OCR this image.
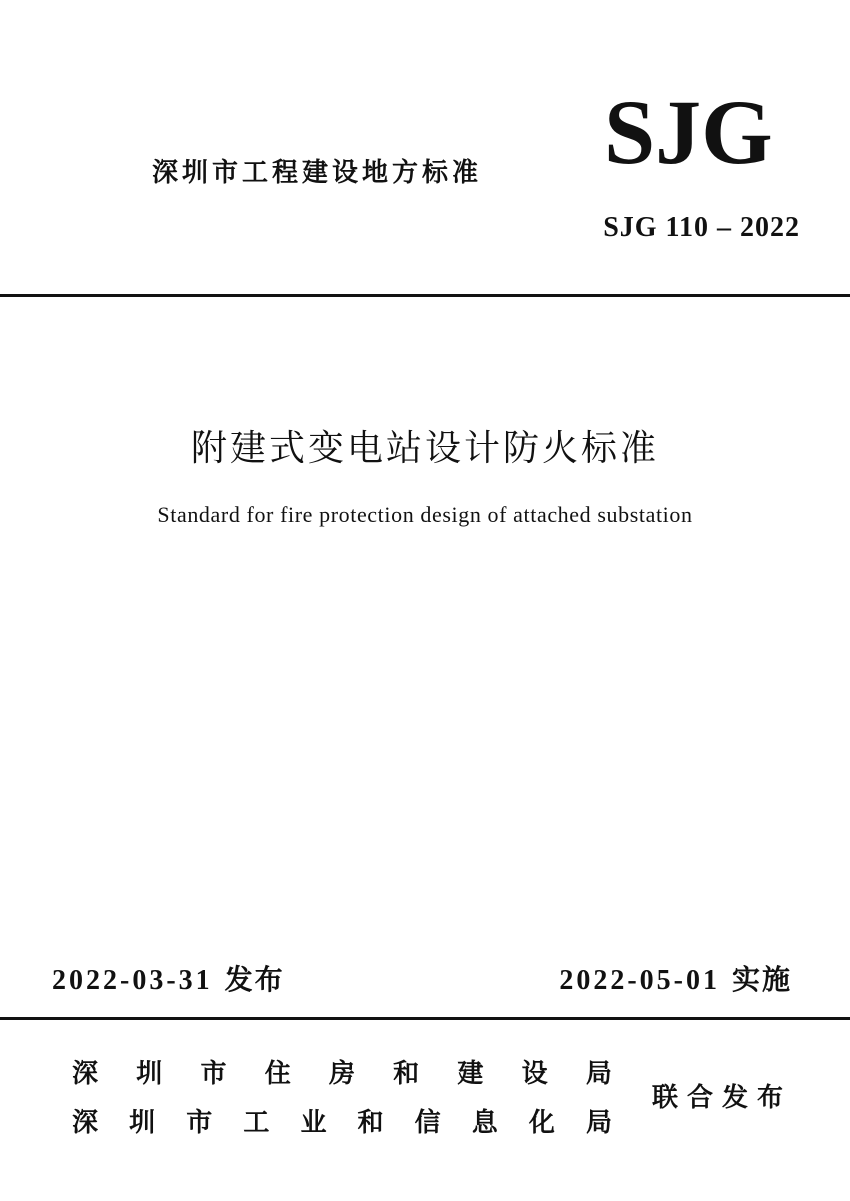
深圳市工程建设地方标准 SJG
SJG 110 – 2022
附建式变电站设计防火标准
Standard for fire protection design of attached substation
2022-03-31 发布	2022-05-01 实施
深 圳 市 住 房 和 建 设 局
深 圳 市 工 业 和 信 息 化 局
联合发布
